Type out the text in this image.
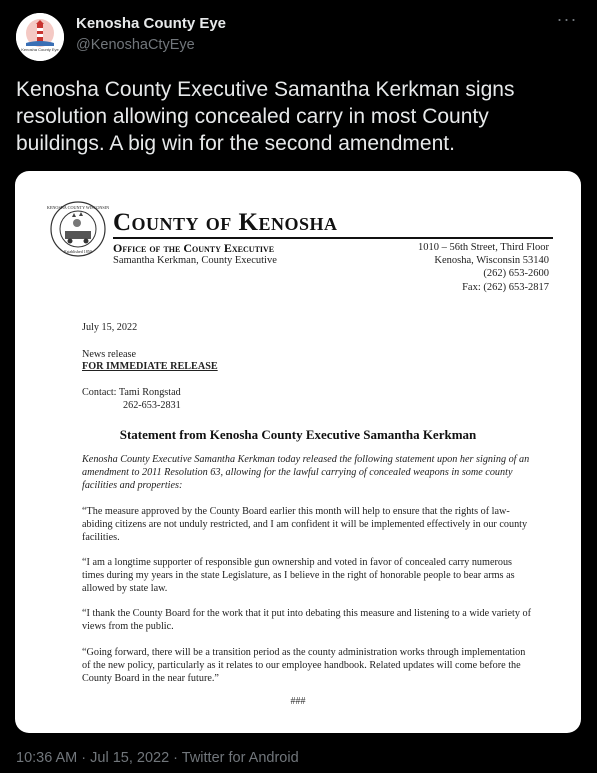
Kenosha County Eye
Kenosha County Eye
@KenoshaCtyEye
···
Kenosha County Executive Samantha Kerkman signs resolution allowing concealed carry in most County buildings. A big win for the second amendment.
KENOSHA COUNTY WISCONSIN
Established 1850
County of Kenosha
Office of the County Executive
Samantha Kerkman, County Executive
1010 – 56th Street, Third Floor
Kenosha, Wisconsin 53140
(262) 653-2600
Fax: (262) 653-2817
July 15, 2022
News release
FOR IMMEDIATE RELEASE
Contact: Tami Rongstad
262-653-2831
Statement from Kenosha County Executive Samantha Kerkman
Kenosha County Executive Samantha Kerkman today released the following statement upon her signing of an amendment to 2011 Resolution 63, allowing for the lawful carrying of concealed weapons in some county facilities and properties:
“The measure approved by the County Board earlier this month will help to ensure that the rights of law-abiding citizens are not unduly restricted, and I am confident it will be implemented effectively in our county facilities.
“I am a longtime supporter of responsible gun ownership and voted in favor of concealed carry numerous times during my years in the state Legislature, as I believe in the right of honorable people to bear arms as allowed by state law.
“I thank the County Board for the work that it put into debating this measure and listening to a wide variety of views from the public.
“Going forward, there will be a transition period as the county administration works through implementation of the new policy, particularly as it relates to our employee handbook. Related updates will come before the County Board in the near future.”
###
10:36 AM · Jul 15, 2022 · Twitter for Android
